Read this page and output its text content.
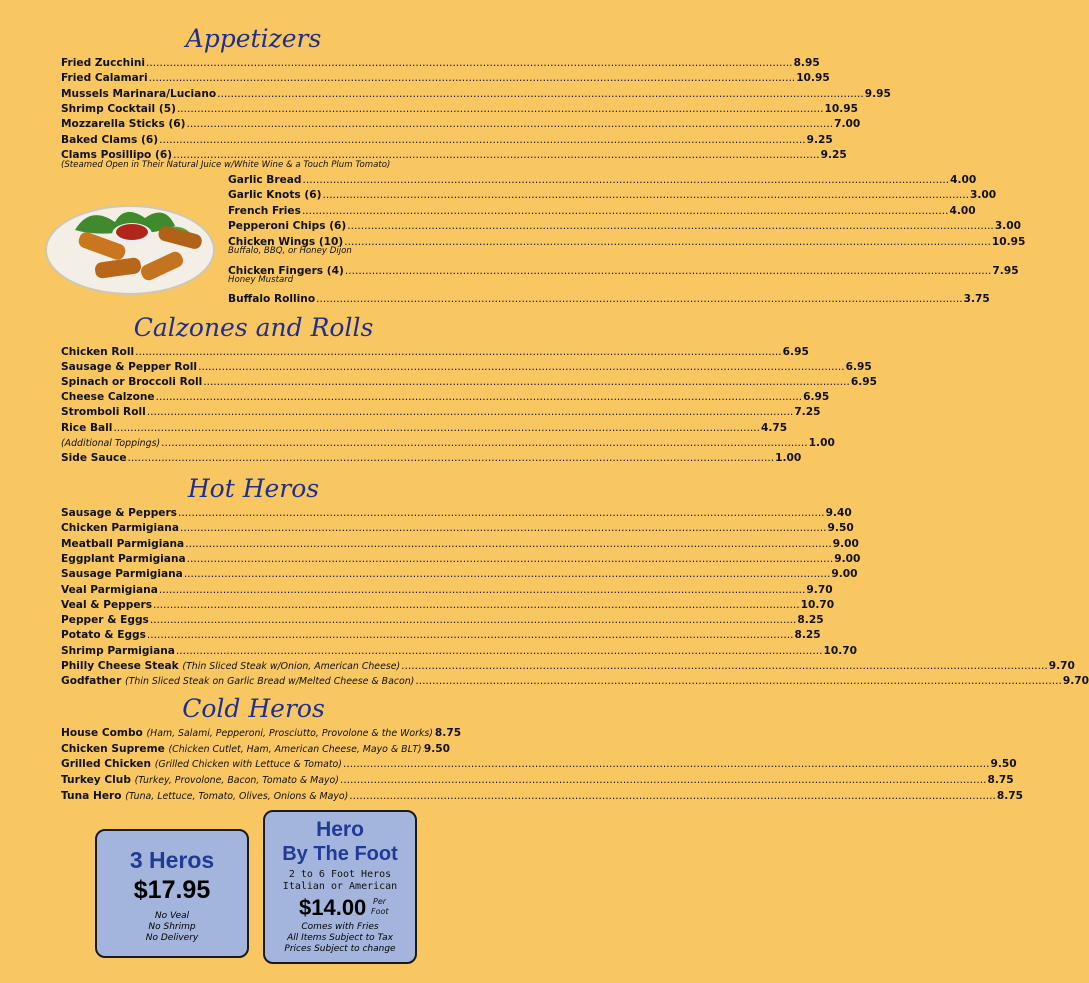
Appetizers
Fried Zucchini .....	8.95
Fried Calamari .....	10.95
Mussels Marinara/Luciano .....	9.95
Shrimp Cocktail (5) .....	10.95
Mozzarella Sticks (6) .....	7.00
Baked Clams (6) .....	9.25
Clams Posillipo (6) .....	9.25
(Steamed Open in Their Natural Juice w/White Wine & a Touch Plum Tomato)
Garlic Bread .....	4.00
Garlic Knots (6) .....	3.00
French Fries .....	4.00
Pepperoni Chips (6) .....	3.00
Chicken Wings (10) .....	10.95
Chicken Fingers (4) .....	7.95
Buffalo Rollino .....	3.75
Buffalo, BBQ, or Honey Dijon
Honey Mustard
Calzones and Rolls
Chicken Roll .....	6.95
Sausage & Pepper Roll .....	6.95
Spinach or Broccoli Roll .....	6.95
Cheese Calzone .....	6.95
Stromboli Roll .....	7.25
Rice Ball .....	4.75
(Additional Toppings) .....	1.00
Side Sauce .....	1.00
Hot Heros
Sausage & Peppers .....	9.40
Chicken Parmigiana .....	9.50
Meatball Parmigiana .....	9.00
Eggplant Parmigiana .....	9.00
Sausage Parmigiana .....	9.00
Veal Parmigiana .....	9.70
Veal & Peppers .....	10.70
Pepper & Eggs .....	8.25
Potato & Eggs .....	8.25
Shrimp Parmigiana .....	10.70
Philly Cheese Steak (Thin Sliced Steak w/Onion, American Cheese) .....	9.70
Godfather (Thin Sliced Steak on Garlic Bread w/Melted Cheese & Bacon) .....	9.70
Cold Heros
House Combo (Ham, Salami, Pepperoni, Prosciutto, Provolone & the Works) 8.75
Chicken Supreme (Chicken Cutlet, Ham, American Cheese, Mayo & BLT) ..... 9.50
Grilled Chicken (Grilled Chicken with Lettuce & Tomato) .....	9.50
Turkey Club (Turkey, Provolone, Bacon, Tomato & Mayo) .....	8.75
Tuna Hero (Tuna, Lettuce, Tomato, Olives, Onions & Mayo) .....	8.75
3 Heros
$17.95
No Veal
No Shrimp
No Delivery
Hero
By The Foot
2 to 6 Foot Heros
Italian or American
$14.00 Per
Foot
Comes with Fries
All Items Subject to Tax
Prices Subject to change
